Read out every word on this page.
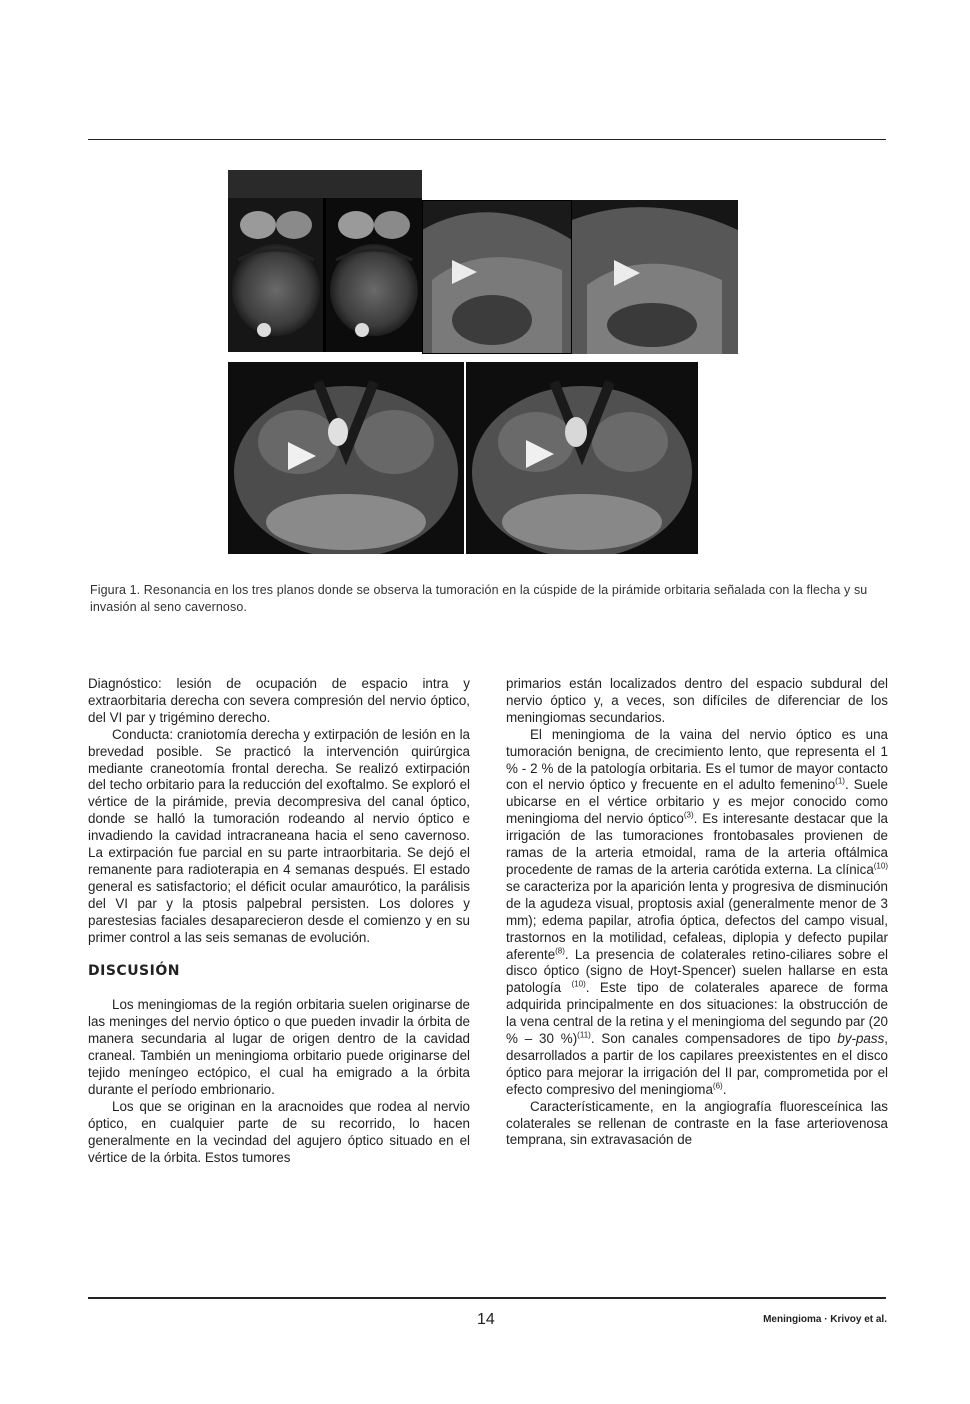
Figura 1. Resonancia en los tres planos donde se observa la tumoración en la cúspide de la pirámide orbitaria señalada con la flecha y su invasión al seno cavernoso.

Diagnóstico: lesión de ocupación de espacio intra y extraorbitaria derecha con severa compresión del nervio óptico, del VI par y trigémino derecho.

Conducta: craniotomía derecha y extirpación de lesión en la brevedad posible. Se practicó la intervención quirúrgica mediante craneotomía frontal derecha. Se realizó extirpación del techo orbitario para la reducción del exoftalmo. Se exploró el vértice de la pirámide, previa decompresiva del canal óptico, donde se halló la tumoración rodeando al nervio óptico e invadiendo la cavidad intracraneana hacia el seno cavernoso. La extirpación fue parcial en su parte intraorbitaria. Se dejó el remanente para radioterapia en 4 semanas después. El estado general es satisfactorio; el déficit ocular amaurótico, la parálisis del VI par y la ptosis palpebral persisten. Los dolores y parestesias faciales desaparecieron desde el comienzo y en su primer control a las seis semanas de evolución.

DISCUSIÓN

Los meningiomas de la región orbitaria suelen originarse de las meninges del nervio óptico o que pueden invadir la órbita de manera secundaria al lugar de origen dentro de la cavidad craneal. También un meningioma orbitario puede originarse del tejido meníngeo ectópico, el cual ha emigrado a la órbita durante el período embrionario.

Los que se originan en la aracnoides que rodea al nervio óptico, en cualquier parte de su recorrido, lo hacen generalmente en la vecindad del agujero óptico situado en el vértice de la órbita. Estos tumores

primarios están localizados dentro del espacio subdural del nervio óptico y, a veces, son difíciles de diferenciar de los meningiomas secundarios.

El meningioma de la vaina del nervio óptico es una tumoración benigna, de crecimiento lento, que representa el 1 % - 2 % de la patología orbitaria. Es el tumor de mayor contacto con el nervio óptico y frecuente en el adulto femenino$^{(1)}$. Suele ubicarse en el vértice orbitario y es mejor conocido como meningioma del nervio óptico$^{(3)}$. Es interesante destacar que la irrigación de las tumoraciones frontobasales provienen de ramas de la arteria etmoidal, rama de la arteria oftálmica procedente de ramas de la arteria carótida externa. La clínica$^{(10)}$ se caracteriza por la aparición lenta y progresiva de disminución de la agudeza visual, proptosis axial (generalmente menor de 3 mm); edema papilar, atrofia óptica, defectos del campo visual, trastornos en la motilidad, cefaleas, diplopia y defecto pupilar aferente$^{(8)}$. La presencia de colaterales retino-ciliares sobre el disco óptico (signo de Hoyt-Spencer) suelen hallarse en esta patología $^{(10)}$. Este tipo de colaterales aparece de forma adquirida principalmente en dos situaciones: la obstrucción de la vena central de la retina y el meningioma del segundo par (20 % – 30 %)$^{(11)}$. Son canales compensadores de tipo by-pass, desarrollados a partir de los capilares preexistentes en el disco óptico para mejorar la irrigación del II par, comprometida por el efecto compresivo del meningioma$^{(6)}$.

Característicamente, en la angiografía fluoresceínica las colaterales se rellenan de contraste en la fase arteriovenosa temprana, sin extravasación de

14	Meningioma · Krivoy et al.
